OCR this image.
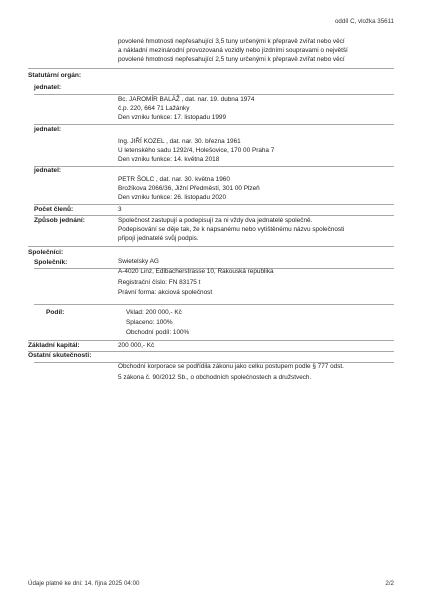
oddíl C, vložka 35611
povolené hmotnosti nepřesahující 3,5 tuny určenými k přepravě zvířat nebo věcí
a nákladní mezinárodní provozovaná vozidly nebo jízdními soupravami o největší
povolené hmotnosti nepřesahující 2,5 tuny určenými k přepravě zvířat nebo věcí
Statutární orgán:
jednatel:
Bc. JAROMÍR BALÁŽ , dat. nar. 19. dubna 1974
č.p. 220, 664 71 Lažánky
Den vzniku funkce: 17. listopadu 1999
jednatel:
Ing. JIŘÍ KOZEL , dat. nar. 30. března 1961
U letenského sadu 1292/4, Holešovice, 170 00 Praha 7
Den vzniku funkce: 14. května 2018
jednatel:
PETR ŠOLC , dat. nar. 30. května 1960
Brožíkova 2066/36, Jižní Předměstí, 301 00 Plzeň
Den vzniku funkce: 26. listopadu 2020
Počet členů:	3
Způsob jednání:	Společnost zastupují a podepisují za ni vždy dva jednatelé společně.
Podepisování se děje tak, že k napsanému nebo vytištěnému názvu společnosti
připojí jednatelé svůj podpis.
Společníci:
Společník:	Swietelsky AG
A-4020 Linz, Edlbacherstrasse 10, Rakouská republika
Registrační číslo: FN 83175 t
Právní forma: akciová společnost
Podíl:	Vklad: 200 000,- Kč
Splaceno: 100%
Obchodní podíl: 100%
Základní kapitál:	200 000,- Kč
Ostatní skutečnosti:
Obchodní korporace se podřídila zákonu jako celku postupem podle § 777 odst.
5 zákona č. 90/2012 Sb., o obchodních společnostech a družstvech.
Údaje platné ke dni: 14. října 2025 04:00	2/2
